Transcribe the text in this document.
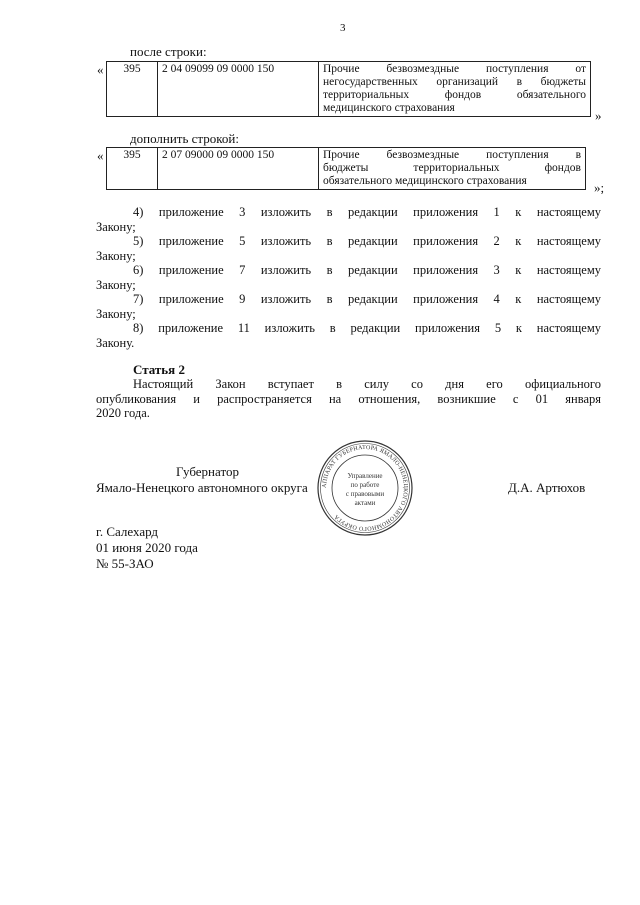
3
после строки:
« 395	2 04 09099 09 0000 150	Прочие безвозмездные поступления от
негосударственных организаций в бюджеты
территориальных фондов обязательного
медицинского страхования	»
дополнить строкой:
« 395	2 07 09000 09 0000 150	Прочие безвозмездные поступления в
бюджеты территориальных фондов
обязательного медицинского страхования	»;
4) приложение 3 изложить в редакции приложения 1 к настоящему
Закону;
5) приложение 5 изложить в редакции приложения 2 к настоящему
Закону;
6) приложение 7 изложить в редакции приложения 3 к настоящему
Закону;
7) приложение 9 изложить в редакции приложения 4 к настоящему
Закону;
8) приложение 11 изложить в редакции приложения 5 к настоящему
Закону.
Статья 2
Настоящий Закон вступает в силу со дня его официального
опубликования и распространяется на отношения, возникшие с 01 января
2020 года.
Губернатор
Ямало-Ненецкого автономного округа	Д.А. Артюхов
АППАРАТ ГУБЕРНАТОРА ЯМАЛО-НЕНЕЦКОГО АВТОНОМНОГО ОКРУГА
Управление
по работе
с правовыми
актами
г. Салехард
01 июня 2020 года
№ 55-ЗАО
